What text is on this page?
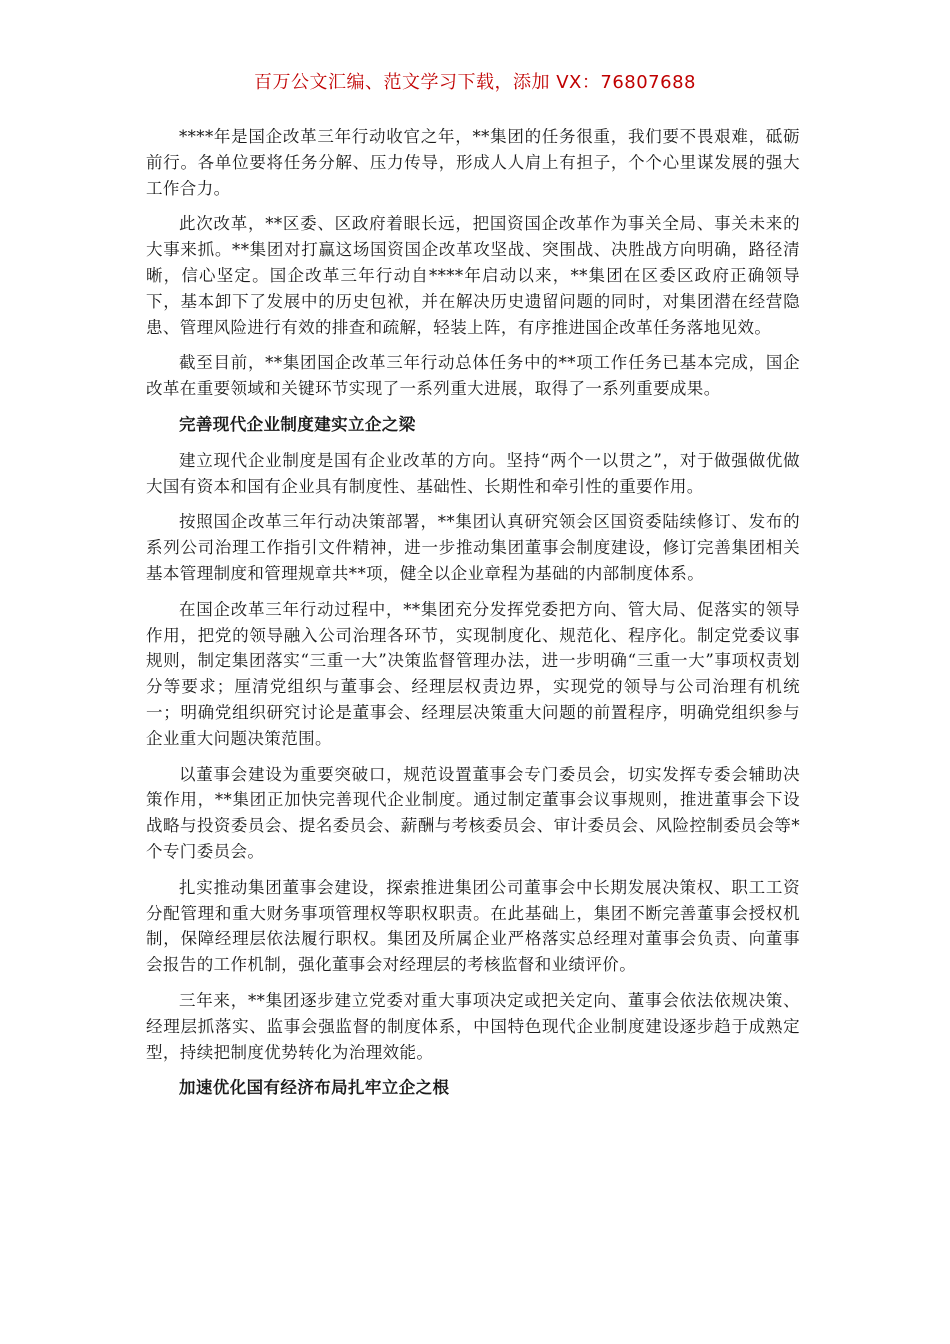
百万公文汇编、范文学习下载，添加 VX：76807688

****年是国企改革三年行动收官之年，**集团的任务很重，我们要不畏艰难，砥砺前行。各单位要将任务分解、压力传导，形成人人肩上有担子，个个心里谋发展的强大工作合力。

此次改革，**区委、区政府着眼长远，把国资国企改革作为事关全局、事关未来的大事来抓。**集团对打赢这场国资国企改革攻坚战、突围战、决胜战方向明确，路径清晰，信心坚定。国企改革三年行动自****年启动以来，**集团在区委区政府正确领导下，基本卸下了发展中的历史包袱，并在解决历史遗留问题的同时，对集团潜在经营隐患、管理风险进行有效的排查和疏解，轻装上阵，有序推进国企改革任务落地见效。

截至目前，**集团国企改革三年行动总体任务中的**项工作任务已基本完成，国企改革在重要领域和关键环节实现了一系列重大进展，取得了一系列重要成果。

完善现代企业制度建实立企之梁

建立现代企业制度是国有企业改革的方向。坚持“两个一以贯之”，对于做强做优做大国有资本和国有企业具有制度性、基础性、长期性和牵引性的重要作用。

按照国企改革三年行动决策部署，**集团认真研究领会区国资委陆续修订、发布的系列公司治理工作指引文件精神，进一步推动集团董事会制度建设，修订完善集团相关基本管理制度和管理规章共**项，健全以企业章程为基础的内部制度体系。

在国企改革三年行动过程中，**集团充分发挥党委把方向、管大局、促落实的领导作用，把党的领导融入公司治理各环节，实现制度化、规范化、程序化。制定党委议事规则，制定集团落实“三重一大”决策监督管理办法，进一步明确“三重一大”事项权责划分等要求；厘清党组织与董事会、经理层权责边界，实现党的领导与公司治理有机统一；明确党组织研究讨论是董事会、经理层决策重大问题的前置程序，明确党组织参与企业重大问题决策范围。

以董事会建设为重要突破口，规范设置董事会专门委员会，切实发挥专委会辅助决策作用，**集团正加快完善现代企业制度。通过制定董事会议事规则，推进董事会下设战略与投资委员会、提名委员会、薪酬与考核委员会、审计委员会、风险控制委员会等*个专门委员会。

扎实推动集团董事会建设，探索推进集团公司董事会中长期发展决策权、职工工资分配管理和重大财务事项管理权等职权职责。在此基础上，集团不断完善董事会授权机制，保障经理层依法履行职权。集团及所属企业严格落实总经理对董事会负责、向董事会报告的工作机制，强化董事会对经理层的考核监督和业绩评价。

三年来，**集团逐步建立党委对重大事项决定或把关定向、董事会依法依规决策、经理层抓落实、监事会强监督的制度体系，中国特色现代企业制度建设逐步趋于成熟定型，持续把制度优势转化为治理效能。

加速优化国有经济布局扎牢立企之根
